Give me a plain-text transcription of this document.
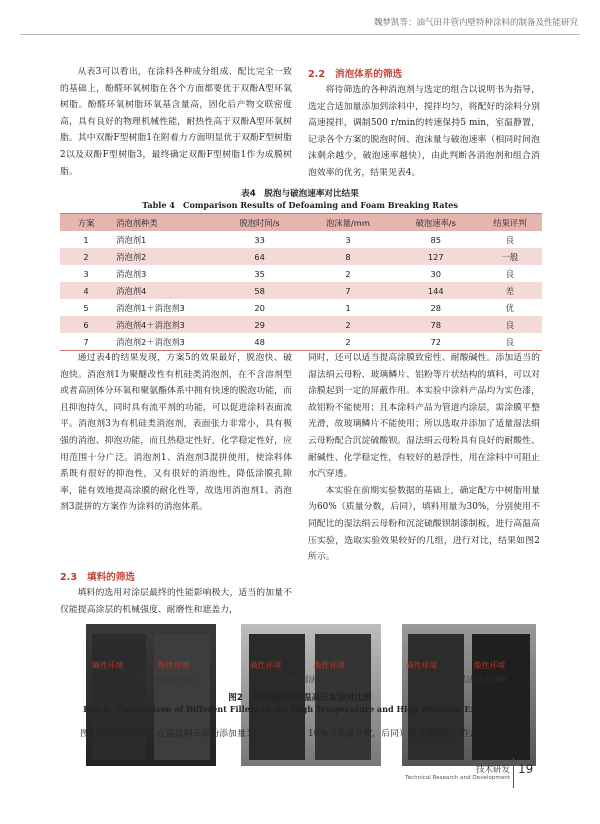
魏梦凯等：油气田井管内壁特种涂料的制备及性能研究

从表3可以看出，在涂料各种成分组成、配比完全一致的基础上，酚醛环氧树脂在各个方面都要优于双酚A型环氧树脂。酚醛环氧树脂环氧基含量高，固化后产物交联密度高，具有良好的物理机械性能，耐热性高于双酚A型环氧树脂。其中双酚F型树脂1在附着力方面明显优于双酚F型树脂2以及双酚F型树脂3，最终确定双酚F型树脂1作为成膜树脂。

2.2 消泡体系的筛选

将待筛选的各种消泡剂与选定的组合以说明书为指导，选定合适加量添加到涂料中，搅拌均匀，将配好的涂料分别高速搅拌，调制500 r/min的转速保持5 min，室温静置，记录各个方案的脱泡时间、泡沫量与破泡速率（相同时间泡沫剩余越少，破泡速率越快），由此判断各消泡剂和组合消泡效率的优劣，结果见表4。

表4　脱泡与破泡速率对比结果
Table 4　Comparison Results of Defoaming and Foam Breaking Rates
方案	消泡剂种类	脱泡时间/s	泡沫量/mm	破泡速率/s	结果评判
1	消泡剂1	33	3	85	良
2	消泡剂2	64	8	127	一般
3	消泡剂3	35	2	30	良
4	消泡剂4	58	7	144	差
5	消泡剂1＋消泡剂3	20	1	28	优
6	消泡剂4＋消泡剂3	29	2	78	良
7	消泡剂2＋消泡剂3	48	2	72	良

通过表4的结果发现，方案5的效果最好，脱泡快、破泡快。消泡剂1为聚醚改性有机硅类消泡剂，在不含溶剂型或者高固体分环氧和聚氨酯体系中拥有快速的脱泡功能，而且抑泡持久，同时具有流平剂的功能，可以促进涂料表面流平。消泡剂3为有机硅类消泡剂，表面张力非常小，具有极强的消泡、抑泡功能，而且热稳定性好，化学稳定性好，应用范围十分广泛。消泡剂1、消泡剂3混拼使用，使涂料体系既有很好的抑泡性，又有很好的消泡性，降低涂膜孔隙率，能有效地提高涂膜的耐化性等，故选用消泡剂1、消泡剂3混拼的方案作为涂料的消泡体系。

2.3 填料的筛选

填料的选用对涂层最终的性能影响极大，适当的加量不仅能提高涂层的机械强度、耐磨性和遮盖力，

同时，还可以适当提高涂膜致密性、耐酸碱性。添加适当的湿法绢云母粉、玻璃鳞片、铝粉等片状结构的填料，可以对涂膜起到一定的屏蔽作用。本实验中涂料产品均为实色漆，故铝粉不能使用；且本涂料产品为管道内涂层，需涂膜平整光滑，故玻璃鳞片不能使用；所以选取并添加了适量湿法绢云母粉配合沉淀硫酸钡。湿法绢云母粉具有良好的耐酸性、耐碱性、化学稳定性，有较好的悬浮性，用在涂料中可阻止水汽穿透。

本实验在前期实验数据的基础上，确定配方中树脂用量为60%（质量分数，后同），填料用量为30%，分别使用不同配比的湿法绢云母粉和沉淀硫酸钡制漆制板，进行高温高压实验，选取实验效果较好的几组，进行对比，结果如图2所示。

碱性环境	酸性环境	碱性环境	酸性环境	碱性环境	酸性环境
（a）5%湿法绢云母粉	（b）10%湿法绢云母粉	（c）15%湿法绢云母粉
图2　不同填料的高温高压实验对比图
Fig. 2　Comparison of Different Fillers in the High Temperature and High Pressure Experiment
图2实验结果表明，在湿法绢云母粉添加量为	10%（质量分数，后同）时表现最好；在湿法绢云母粉
技术研发
Technical Research and Development
19
